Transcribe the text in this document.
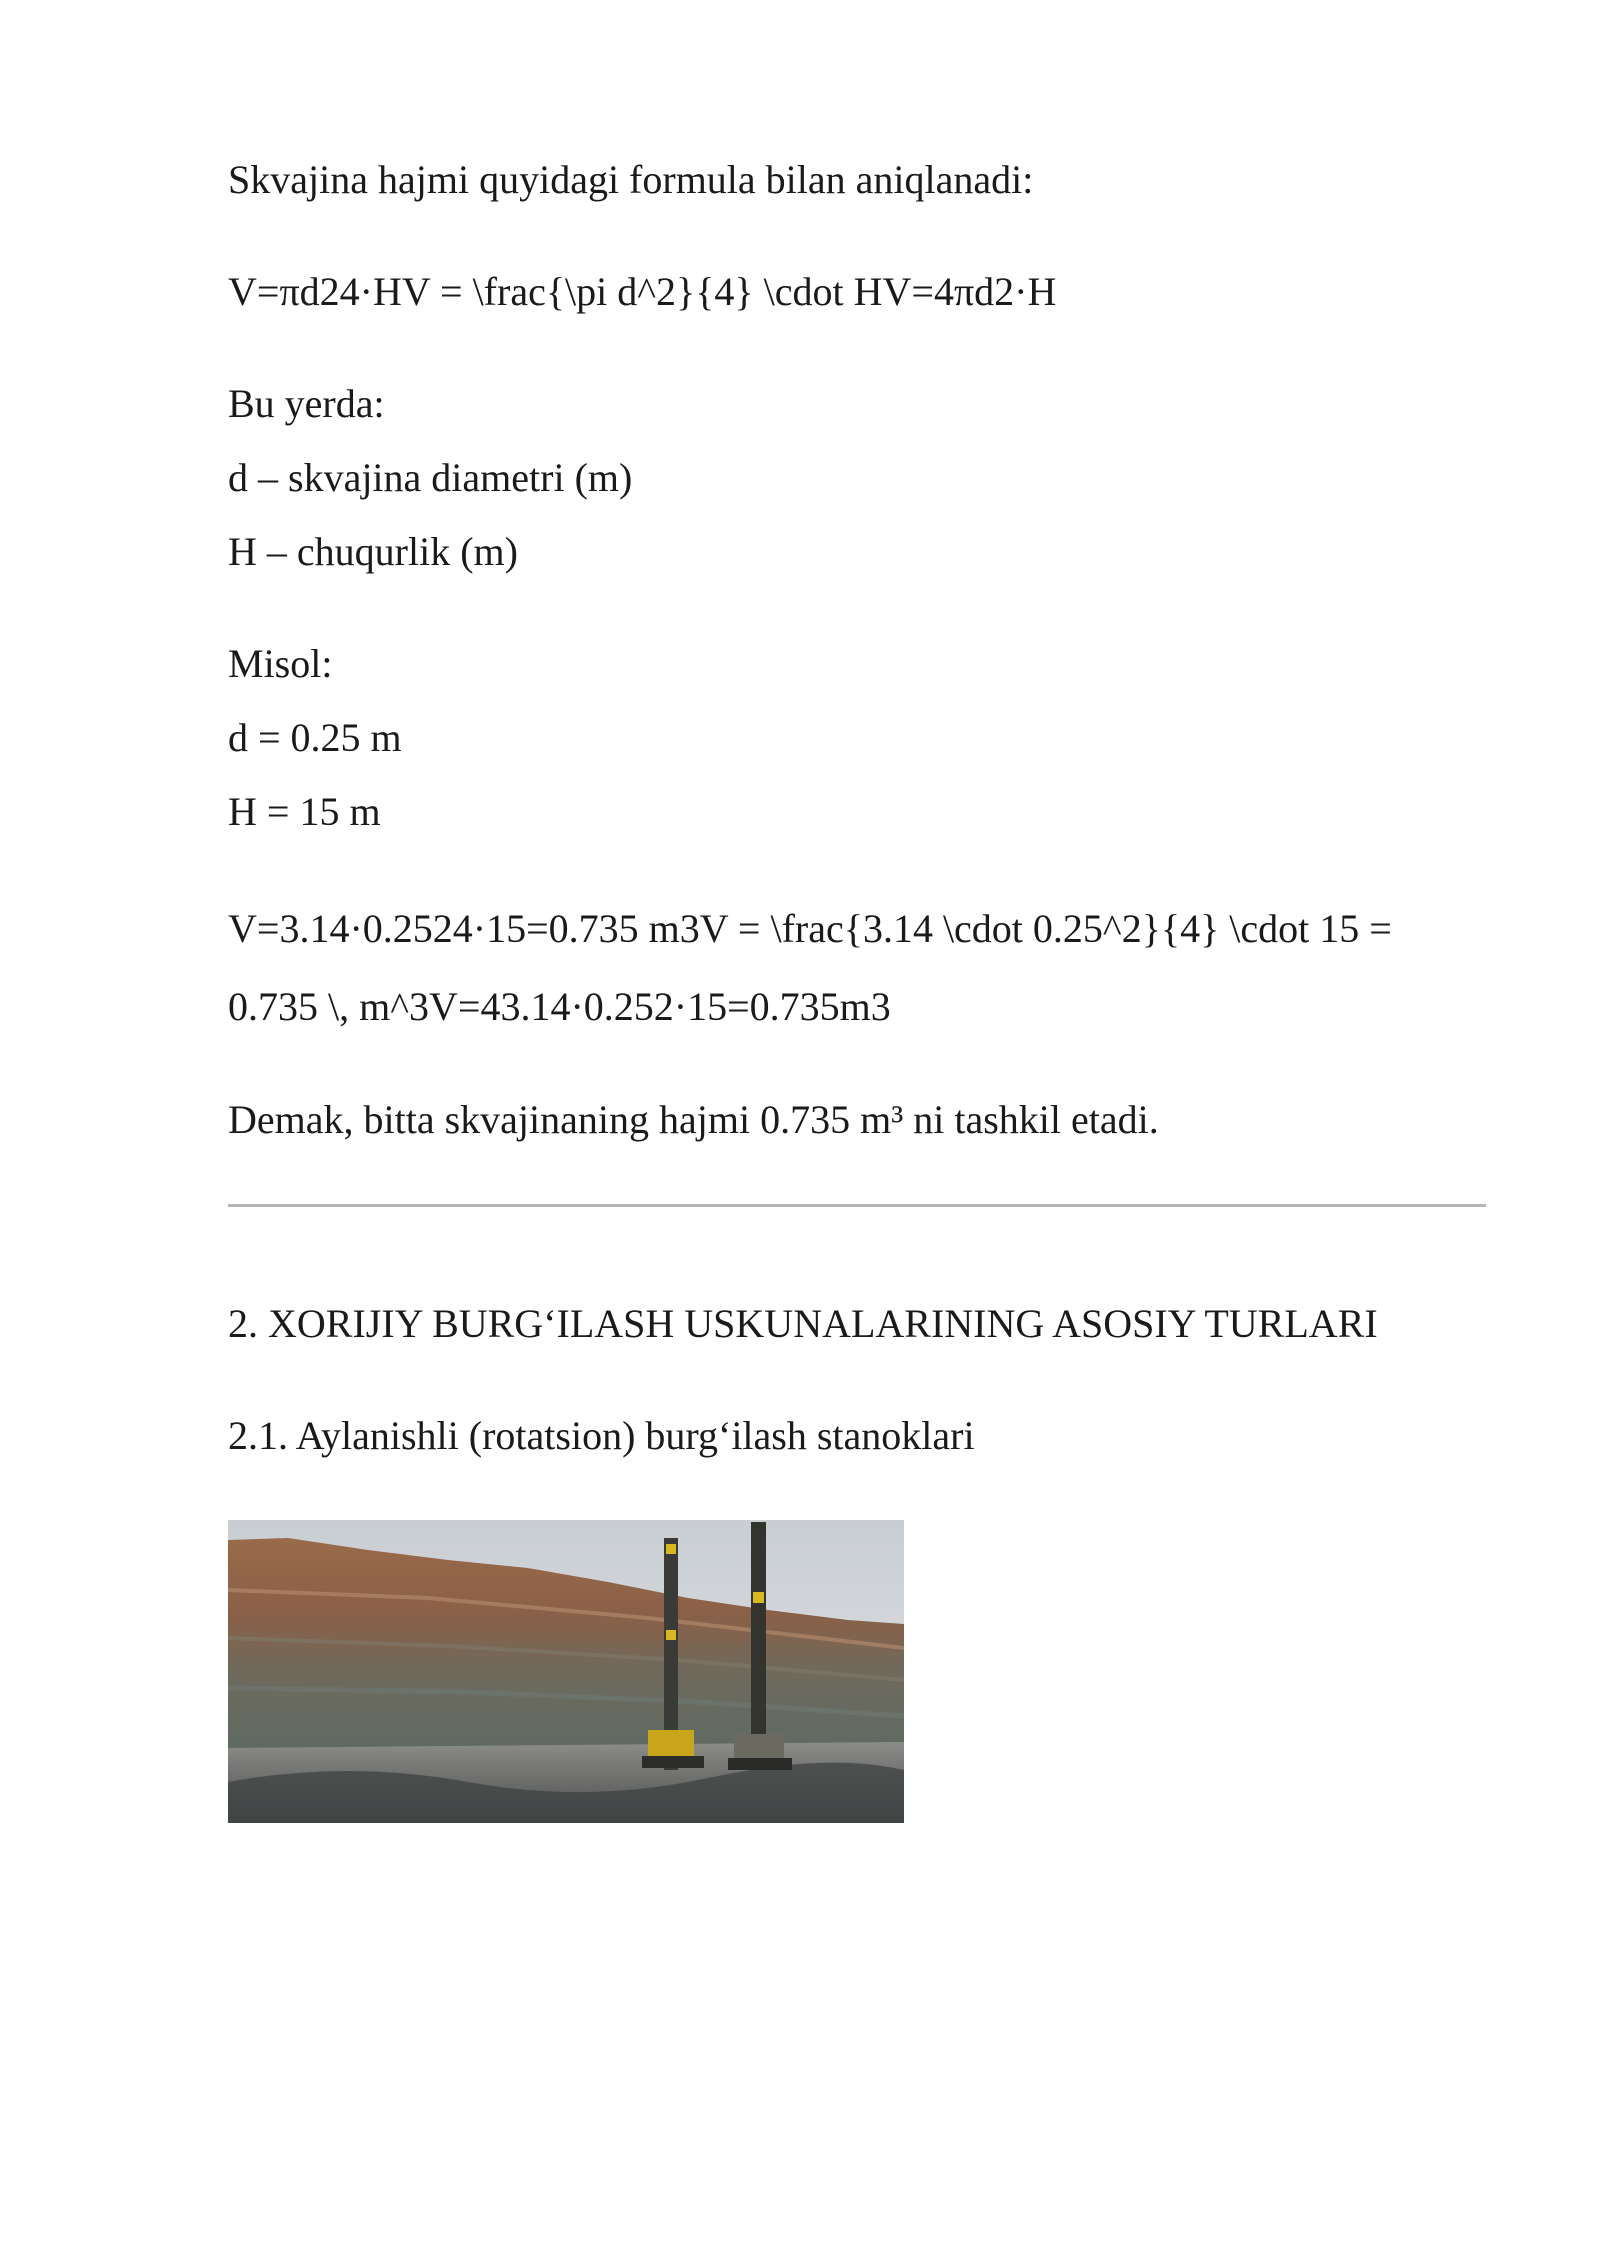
Skvajina hajmi quyidagi formula bilan aniqlanadi:

V=πd24·HV = \frac{\pi d^2}{4} \cdot HV=4πd2·H

Bu yerda:

d – skvajina diametri (m)

H – chuqurlik (m)

Misol:

d = 0.25 m

H = 15 m

V=3.14·0.2524·15=0.735 m3V = \frac{3.14 \cdot 0.25^2}{4} \cdot 15 =

0.735 \, m^3V=43.14·0.252·15=0.735m3

Demak, bitta skvajinaning hajmi 0.735 m³ ni tashkil etadi.

2. XORIJIY BURG‘ILASH USKUNALARINING ASOSIY TURLARI
2.1. Aylanishli (rotatsion) burg‘ilash stanoklari
